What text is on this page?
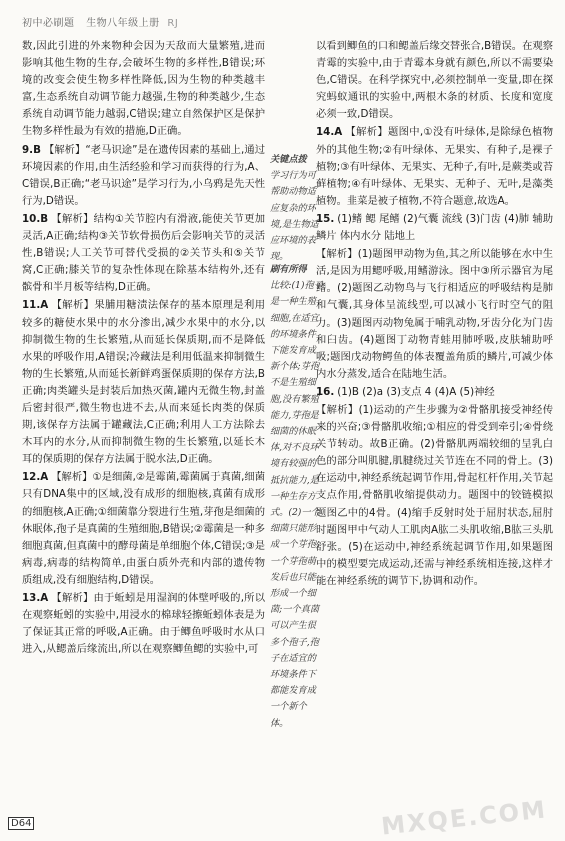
初中必刷题 生物八年级上册 RJ

数,因此引进的外来物种会因为天敌而大量繁殖,进而影响其他生物的生存,会破坏生物的多样性,B错误;环境的改变会使生物多样性降低,因为生物的种类越丰富,生态系统自动调节能力越强,生物的种类越少,生态系统自动调节能力越弱,C错误;建立自然保护区是保护生物多样性最为有效的措施,D正确。

9.B 【解析】“老马识途”是在遗传因素的基础上,通过环境因素的作用,由生活经验和学习而获得的行为,A、C错误,B正确;“老马识途”是学习行为,小乌鸦是先天性行为,D错误。

10.B 【解析】结构①关节腔内有滑液,能使关节更加灵活,A正确;结构③关节软骨损伤后会影响关节的灵活性,B错误;人工关节可替代受损的②关节头和⑤关节窝,C正确;膝关节的复杂性体现在除基本结构外,还有髌骨和半月板等结构,D正确。

11.A 【解析】果脯用糖渍法保存的基本原理是利用较多的糖使水果中的水分渗出,减少水果中的水分,以抑制微生物的生长繁殖,从而延长保质期,而不是降低水果的呼吸作用,A错误;冷藏法是利用低温来抑制微生物的生长繁殖,从而延长新鲜鸡蛋保质期的保存方法,B正确;肉类罐头是封装后加热灭菌,罐内无微生物,封盖后密封很严,微生物也进不去,从而来延长肉类的保质期,该保存方法属于罐藏法,C正确;利用人工方法除去木耳内的水分,从而抑制微生物的生长繁殖,以延长木耳的保质期的保存方法属于脱水法,D正确。

12.A 【解析】①是细菌,②是霉菌,霉菌属于真菌,细菌只有DNA集中的区域,没有成形的细胞核,真菌有成形的细胞核,A正确;①细菌靠分裂进行生殖,芽孢是细菌的休眠体,孢子是真菌的生殖细胞,B错误;②霉菌是一种多细胞真菌,但真菌中的酵母菌是单细胞个体,C错误;③是病毒,病毒的结构简单,由蛋白质外壳和内部的遗传物质组成,没有细胞结构,D错误。

13.A 【解析】由于蚯蚓是用湿润的体壁呼吸的,所以在观察蚯蚓的实验中,用浸水的棉球轻擦蚯蚓体表是为了保证其正常的呼吸,A正确。由于鲫鱼呼吸时水从口进入,从鳃盖后缘流出,所以在观察鲫鱼鳃的实验中,可

以看到鲫鱼的口和鳃盖后缘交替张合,B错误。在观察青霉的实验中,由于青霉本身就有颜色,所以不需要染色,C错误。在科学探究中,必须控制单一变量,即在探究蚂蚁通讯的实验中,两根木条的材质、长度和宽度必须一致,D错误。

14.A 【解析】题图中,①没有叶绿体,是除绿色植物外的其他生物;②有叶绿体、无果实、有种子,是裸子植物;③有叶绿体、无果实、无种子,有叶,是蕨类或苔藓植物;④有叶绿体、无果实、无种子、无叶,是藻类植物。韭菜是被子植物,不符合题意,故选A。

15. (1)鳍 鳃 尾鳍 (2)气囊 流线 (3)门齿 (4)肺 辅助 鳞片 体内水分 陆地上

【解析】(1)题图甲动物为鱼,其之所以能够在水中生活,是因为用鳃呼吸,用鳍游泳。图中③所示器官为尾鳍。(2)题图乙动物鸟与飞行相适应的呼吸结构是肺和气囊,其身体呈流线型,可以减小飞行时空气的阻力。(3)题图丙动物兔属于哺乳动物,牙齿分化为门齿和臼齿。(4)题图丁动物青蛙用肺呼吸,皮肤辅助呼吸;题图戊动物鳄鱼的体表覆盖角质的鳞片,可减少体内水分蒸发,适合在陆地生活。

16. (1)B (2)a (3)支点 4 (4)A (5)神经

【解析】(1)运动的产生步骤为②骨骼肌接受神经传来的兴奋;③骨骼肌收缩;①相应的骨受到牵引;④骨绕关节转动。故B正确。(2)骨骼肌两端较细的呈乳白色的部分叫肌腱,肌腱绕过关节连在不同的骨上。(3)在运动中,神经系统起调节作用,骨起杠杆作用,关节起支点作用,骨骼肌收缩提供动力。题图中的铰链模拟题图乙中的4骨。(4)缩手反射时处于屈肘状态,屈肘时题图甲中气动人工肌肉A肱二头肌收缩,B肱三头肌舒张。(5)在运动中,神经系统起调节作用,如果题图中的模型要完成运动,还需与神经系统相连接,这样才能在神经系统的调节下,协调和动作。

关键点拨
学习行为可帮助动物适应复杂的环境,是生物适应环境的表现。
刷有所得
比较:(1)孢子是一种生殖细胞,在适宜的环境条件下能发育成新个体;芽孢不是生殖细胞,没有繁殖能力,芽孢是细菌的休眠体,对不良环境有较强的抵抗能力,是一种生存方式。(2)一个细菌只能形成一个芽孢,一个芽孢萌发后也只能形成一个细菌;一个真菌可以产生很多个孢子,孢子在适宜的环境条件下都能发育成一个新个体。
D64	MXQE.COM
